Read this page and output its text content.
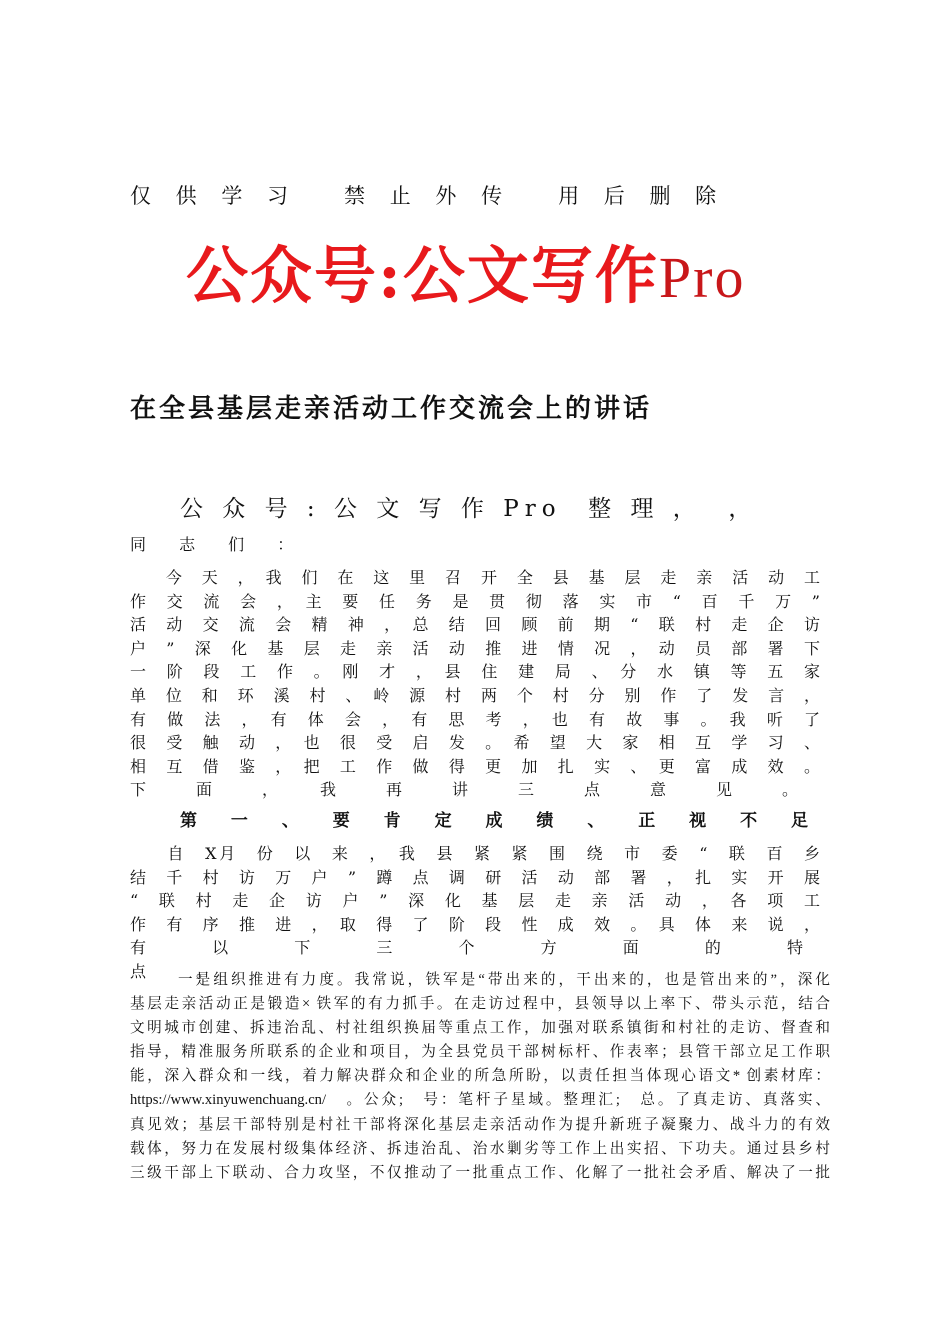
仅 供 学 习   禁 止 外 传   用 后 删 除
公众号:公文写作Pro
在全县基层走亲活动工作交流会上的讲话
公 众 号 : 公 文 写 作 Pro  整 理 ，  ，
同 志 们 ：
　　今　天　，　我　们　在　这　里　召　开　全　县　基　层　走　亲　活　动　工
作　交　流　会　，　主　要　任　务　是　贯　彻　落　实　市　“　百　千　万　”
活　动　交　流　会　精　神　，　总　结　回　顾　前　期　“　联　村　走　企　访
户　”　深　化　基　层　走　亲　活　动　推　进　情　况　，　动　员　部　署　下
一　阶　段　工　作　。　刚　才　，　县　住　建　局　、　分　水　镇　等　五　家
单　位　和　环　溪　村　、　岭　源　村　两　个　村　分　别　作　了　发　言　，
有　做　法　，　有　体　会　，　有　思　考　，　也　有　故　事　。　我　听　了
很　受　触　动　，　也　很　受　启　发　。　希　望　大　家　相　互　学　习　、
相　互　借　鉴　，　把　工　作　做　得　更　加　扎　实　、　更　富　成　效　。
下　面　，　我　再　讲　三　点　意　见　。
第 一 、 要 肯 定 成 绩 、 正 视 不 足
　　自　X月　份　以　来　，　我　县　紧　紧　围　绕　市　委　“　联　百　乡
结　千　村　访　万　户　”　蹲　点　调　研　活　动　部　署　，　扎　实　开　展
“　联　村　走　企　访　户　”　深　化　基　层　走　亲　活　动　，　各　项　工
作　有　序　推　进　，　取　得　了　阶　段　性　成　效　。　具　体　来　说　，
有　以　下　三　个　方　面　的　特　点　。
一是组织推进有力度。我常说，铁军是“带出来的，干出来的，也是管出来的”，深化
基层走亲活动正是锻造× 铁军的有力抓手。在走访过程中，县领导以上率下、带头示范，结合
文明城市创建、拆违治乱、村社组织换届等重点工作，加强对联系镇街和村社的走访、督查和
指导，精准服务所联系的企业和项目，为全县党员干部树标杆、作表率；县管干部立足工作职
能，深入群众和一线，着力解决群众和企业的所急所盼，以责任担当体现心语文* 创素材库：
https://www.xinyuwenchuang.cn/　。公众;　号：笔杆子星域。整理汇;　总。了真走访、真落实、
真见效；基层干部特别是村社干部将深化基层走亲活动作为提升新班子凝聚力、战斗力的有效
载体，努力在发展村级集体经济、拆违治乱、治水剿劣等工作上出实招、下功夫。通过县乡村
三级干部上下联动、合力攻坚，不仅推动了一批重点工作、化解了一批社会矛盾、解决了一批
